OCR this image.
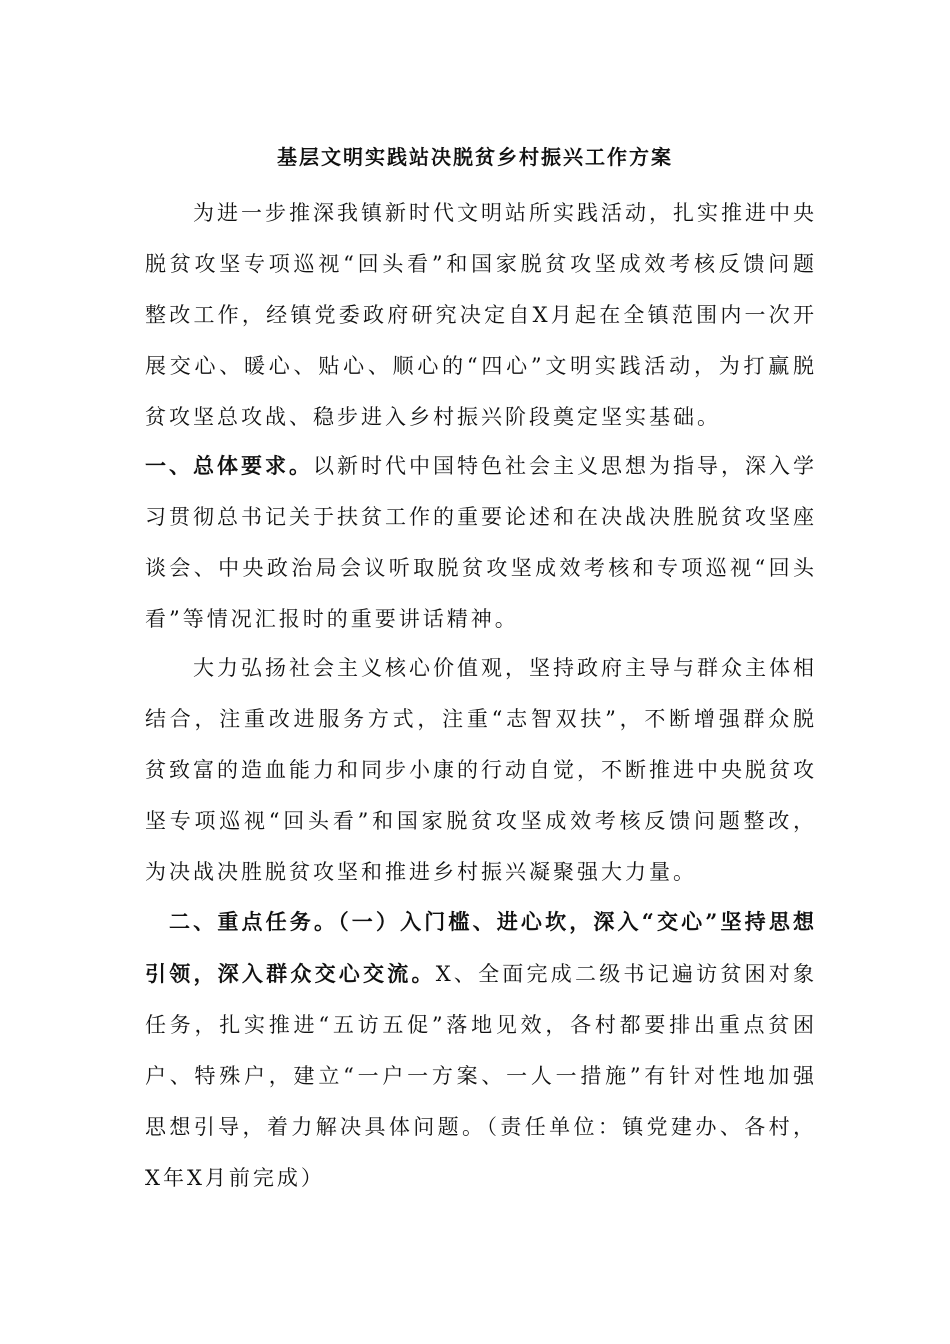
基层文明实践站决脱贫乡村振兴工作方案

为进一步推深我镇新时代文明站所实践活动，扎实推进中央脱贫攻坚专项巡视“回头看”和国家脱贫攻坚成效考核反馈问题整改工作，经镇党委政府研究决定自X月起在全镇范围内一次开展交心、暖心、贴心、顺心的“四心”文明实践活动，为打赢脱贫攻坚总攻战、稳步进入乡村振兴阶段奠定坚实基础。

一、总体要求。以新时代中国特色社会主义思想为指导，深入学习贯彻总书记关于扶贫工作的重要论述和在决战决胜脱贫攻坚座谈会、中央政治局会议听取脱贫攻坚成效考核和专项巡视“回头看”等情况汇报时的重要讲话精神。

大力弘扬社会主义核心价值观，坚持政府主导与群众主体相结合，注重改进服务方式，注重“志智双扶”，不断增强群众脱贫致富的造血能力和同步小康的行动自觉，不断推进中央脱贫攻坚专项巡视“回头看”和国家脱贫攻坚成效考核反馈问题整改，为决战决胜脱贫攻坚和推进乡村振兴凝聚强大力量。

二、重点任务。（一）入门槛、进心坎，深入“交心”坚持思想引领，深入群众交心交流。X、全面完成二级书记遍访贫困对象任务，扎实推进“五访五促”落地见效，各村都要排出重点贫困户、特殊户，建立“一户一方案、一人一措施”有针对性地加强思想引导，着力解决具体问题。（责任单位：镇党建办、各村，X年X月前完成）
